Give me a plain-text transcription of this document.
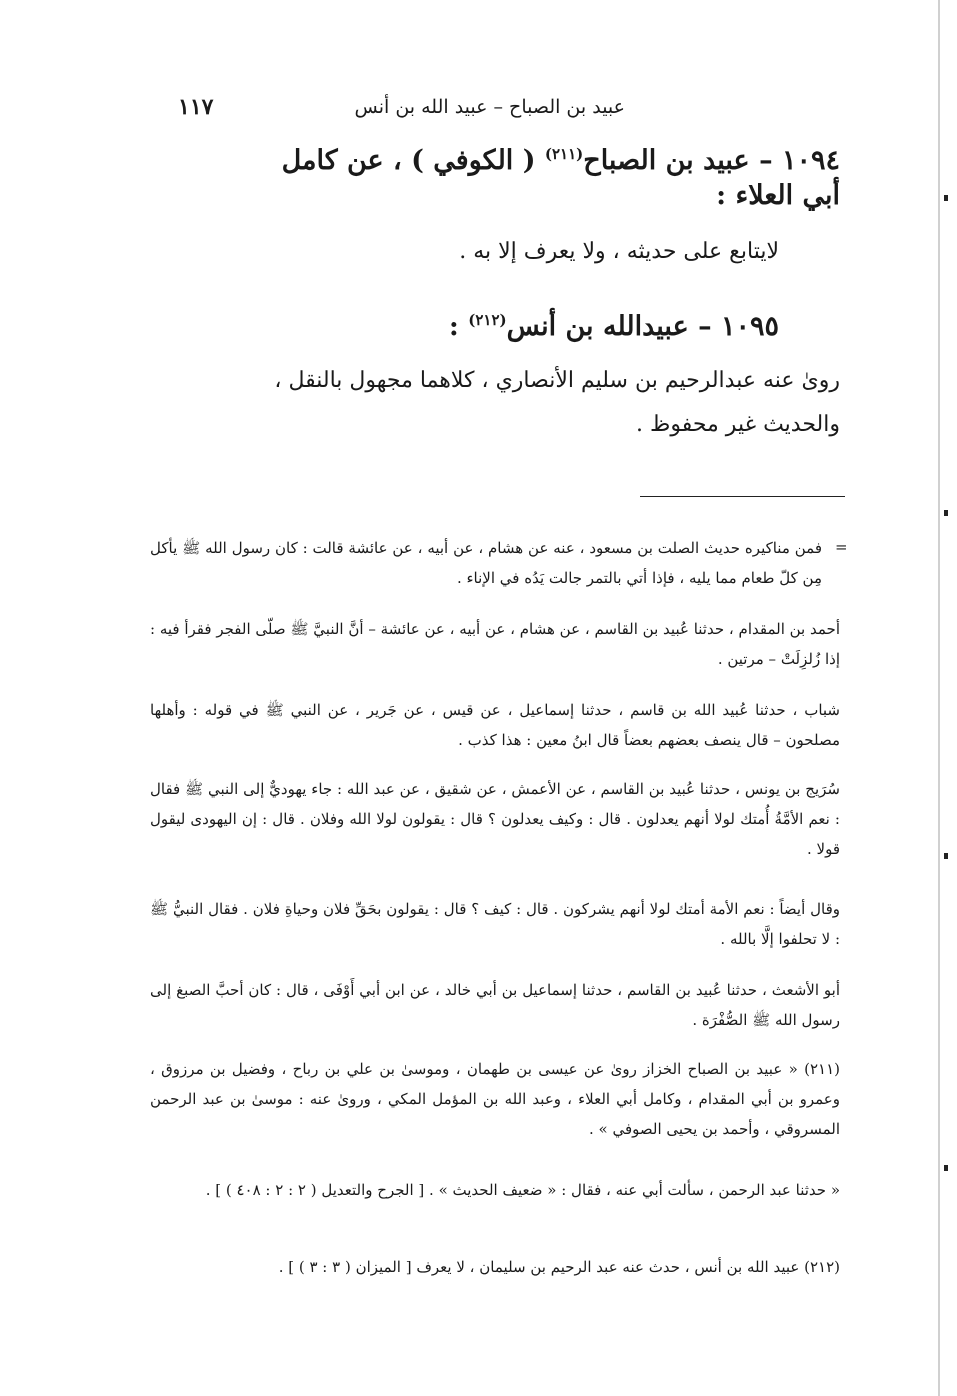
عبيد بن الصباح – عبيد الله بن أنس
١١٧
١٠٩٤ – عبيد بن الصباح$^{(٢١١)}$ ( الكوفي ) ، عن كامل
أبي العلاء :
لايتابع على حديثه ، ولا يعرف إلا به .
١٠٩٥ – عبيدالله بن أنس$^{(٢١٢)}$ :
روىٰ عنه عبدالرحيم بن سليم الأنصاري ، كلاهما مجهول بالنقل ،
والحديث غير محفوظ .
=
فمن مناكيره حديث الصلت بن مسعود ، عنه عن هشام ، عن أبيه ، عن عائشة قالت : كان رسول الله ﷺ يأكل مِن كلّ طعام مما يليه ، فإذا أتي بالتمر جالت يَدُه في الإناء .
أحمد بن المقدام ، حدثنا عُبيد بن القاسم ، عن هشام ، عن أبيه ، عن عائشة – أنَّ النبيَّ ﷺ صلّى الفجر فقرأ فيه : إذا زُلزِلَتْ – مرتين .
شباب ، حدثنا عُبيد الله بن قاسم ، حدثنا إسماعيل ، عن قيس ، عن جَرير ، عن النبي ﷺ في قوله : وأهلها مصلحون – قال ينصف بعضهم بعضاً قال ابنُ معين : هذا كذب .
سُرَيج بن يونس ، حدثنا عُبيد بن القاسم ، عن الأعمش ، عن شقيق ، عن عبد الله : جاء يهوديٌّ إلى النبي ﷺ فقال : نعم الأمَّةُ أُمتك لولا أنهم يعدلون . قال : وكيف يعدلون ؟ قال : يقولون لولا الله وفلان . قال : إن اليهودى ليقول قولا .
وقال أيضاً : نعم الأمة أمتك لولا أنهم يشركون . قال : كيف ؟ قال : يقولون بحَقِّ فلان وحياةِ فلان . فقال النبيُّ ﷺ : لا تحلفوا إلَّا بالله .
أبو الأشعث ، حدثنا عُبيد بن القاسم ، حدثنا إسماعيل بن أبي خالد ، عن ابن أبي أَوْفَى ، قال : كان أحبَّ الصبغ إلى رسول الله ﷺ الصُّفْرَة .
(٢١١) « عبيد بن الصباح الخزاز روىٰ عن عيسى بن طهمان ، وموسىٰ بن علي بن رباح ، وفضيل بن مرزوق ، وعمرو بن أبي المقدام ، وكامل أبي العلاء ، وعبد الله بن المؤمل المكي ، وروىٰ عنه : موسىٰ بن عبد الرحمن المسروقي ، وأحمد بن يحيى الصوفي » .
« حدثنا عبد الرحمن ، سألت أبي عنه ، فقال : « ضعيف الحديث » . [ الجرح والتعديل ( ٢ : ٢ : ٤٠٨ ) ] .
(٢١٢) عبيد الله بن أنس ، حدث عنه عبد الرحيم بن سليمان ، لا يعرف [ الميزان ( ٣ : ٣ ) ] .
